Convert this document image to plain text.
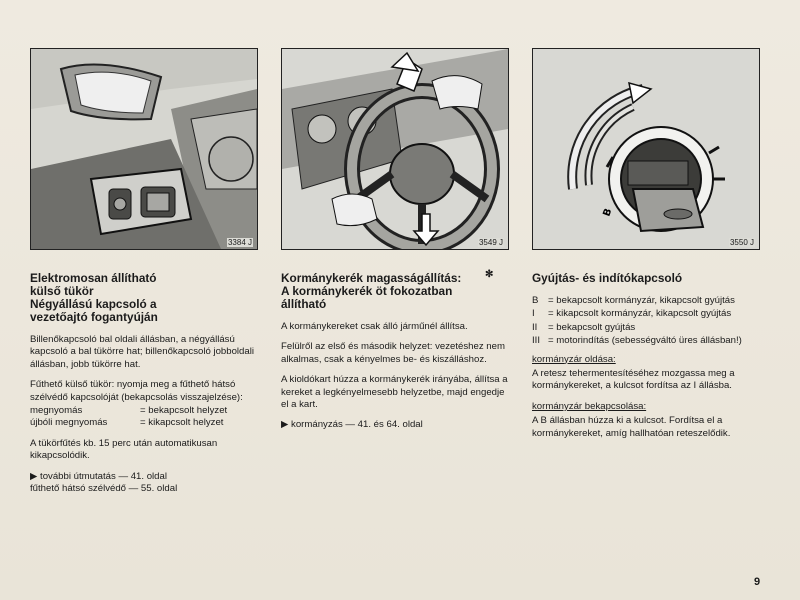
3384 J
Elektromosan állítható
külső tükör
Négyállású kapcsoló a
vezetőajtó fogantyúján

Billenőkapcsoló bal oldali állásban, a négyállású kapcsoló a bal tükörre hat; billenőkapcsoló jobboldali állásban, jobb tükörre hat.

Fűthető külső tükör: nyomja meg a fűthető hátsó szélvédő kapcsolóját (bekapcsolás visszajelzése):

megnyomás	= bekapcsolt helyzet
újbóli megnyomás	= kikapcsolt helyzet

A tükörfűtés kb. 15 perc után automatikusan kikapcsolódik.

▶ további útmutatás — 41. oldal
fűthető hátsó szélvédő — 55. oldal
3549 J
Kormánykerék magasságállítás:
A kormánykerék öt fokozatban
állítható
✻

A kormánykereket csak álló járműnél állítsa.

Felülről az első és második helyzet: vezetéshez nem alkalmas, csak a kényelmes be- és kiszálláshoz.

A kioldókart húzza a kormánykerék irányába, állítsa a kereket a legkényelmesebb helyzetbe, majd engedje el a kart.

▶ kormányzás — 41. és 64. oldal
B
3550 J
Gyújtás- és indítókapcsoló
B = bekapcsolt kormányzár, kikapcsolt gyújtás
I	= kikapcsolt kormányzár, kikapcsolt gyújtás
II	= bekapcsolt gyújtás
III = motorindítás (sebességváltó üres állásban!)
kormányzár oldása:

A retesz tehermentesítéséhez mozgassa meg a kormánykereket, a kulcsot fordítsa az I állásba.

kormányzár bekapcsolása:

A B állásban húzza ki a kulcsot. Fordítsa el a kormánykereket, amíg hallhatóan reteszelődik.

9
